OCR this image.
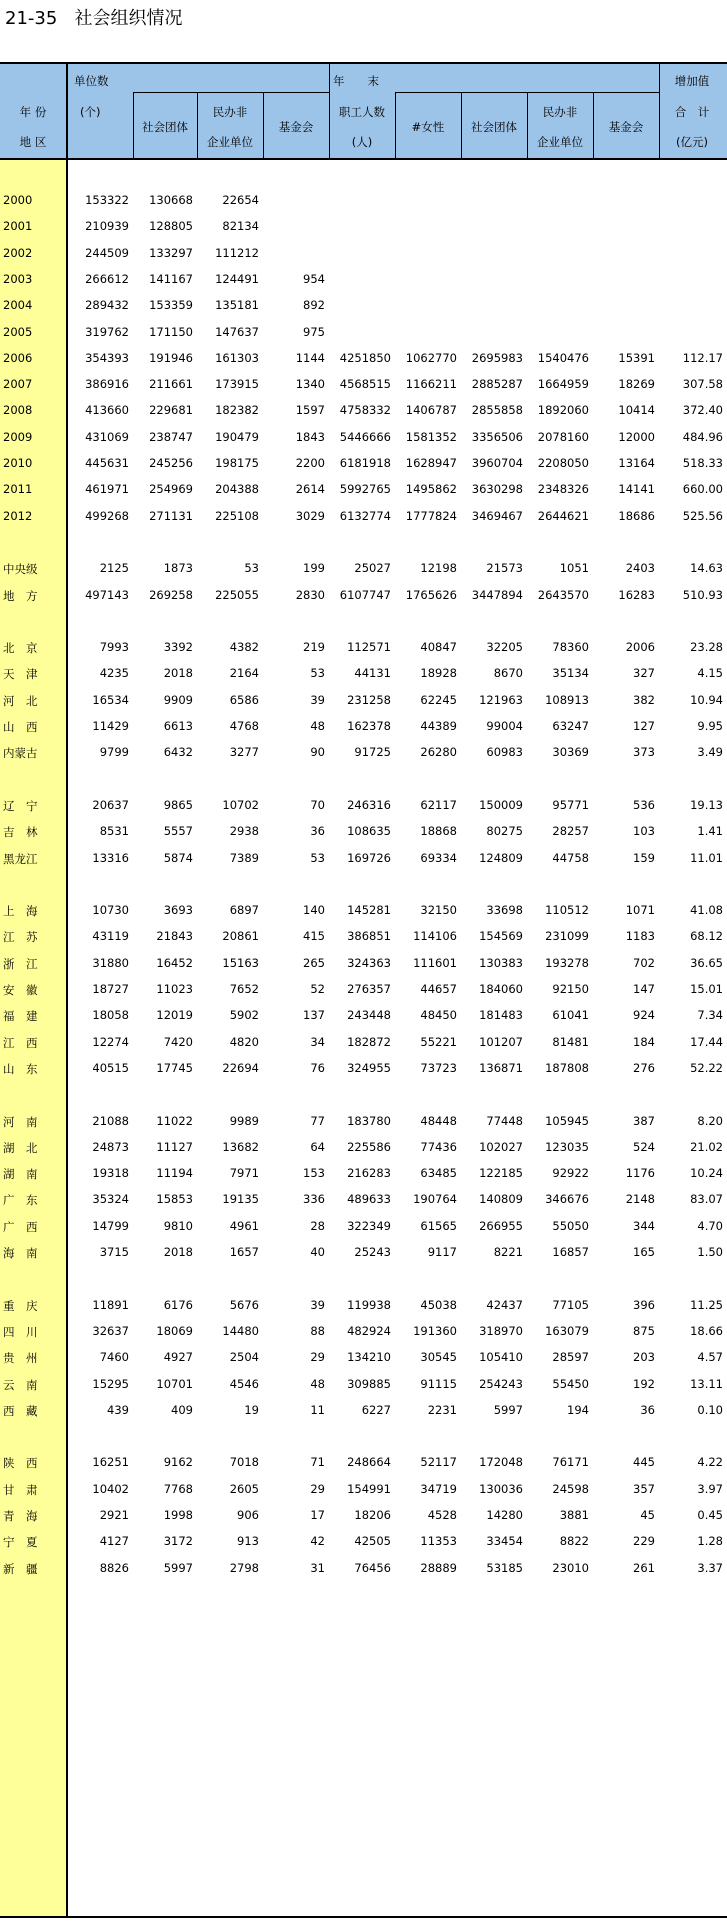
21-35   社会组织情况
年 份
地 区
单位数
(个)
社会团体
民办非
企业单位
基金会
年　　末
职工人数
(人)
#女性	社会团体
民办非
企业单位
基金会
增加值
合　计
(亿元)
2000	153322	130668	22654
2001	210939	128805	82134
2002	244509	133297	111212
2003	266612	141167	124491	954
2004	289432	153359	135181	892
2005	319762	171150	147637	975
2006	354393	191946	161303	1144	4251850	1062770	2695983	1540476	15391	112.17
2007	386916	211661	173915	1340	4568515	1166211	2885287	1664959	18269	307.58
2008	413660	229681	182382	1597	4758332	1406787	2855858	1892060	10414	372.40
2009	431069	238747	190479	1843	5446666	1581352	3356506	2078160	12000	484.96
2010	445631	245256	198175	2200	6181918	1628947	3960704	2208050	13164	518.33
2011	461971	254969	204388	2614	5992765	1495862	3630298	2348326	14141	660.00
2012	499268	271131	225108	3029	6132774	1777824	3469467	2644621	18686	525.56
中央级	2125	1873	53	199	25027	12198	21573	1051	2403	14.63
地　方	497143	269258	225055	2830	6107747	1765626	3447894	2643570	16283	510.93
北　京	7993	3392	4382	219	112571	40847	32205	78360	2006	23.28
天　津	4235	2018	2164	53	44131	18928	8670	35134	327	4.15
河　北	16534	9909	6586	39	231258	62245	121963	108913	382	10.94
山　西	11429	6613	4768	48	162378	44389	99004	63247	127	9.95
内蒙古	9799	6432	3277	90	91725	26280	60983	30369	373	3.49
辽　宁	20637	9865	10702	70	246316	62117	150009	95771	536	19.13
吉　林	8531	5557	2938	36	108635	18868	80275	28257	103	1.41
黑龙江	13316	5874	7389	53	169726	69334	124809	44758	159	11.01
上　海	10730	3693	6897	140	145281	32150	33698	110512	1071	41.08
江　苏	43119	21843	20861	415	386851	114106	154569	231099	1183	68.12
浙　江	31880	16452	15163	265	324363	111601	130383	193278	702	36.65
安　徽	18727	11023	7652	52	276357	44657	184060	92150	147	15.01
福　建	18058	12019	5902	137	243448	48450	181483	61041	924	7.34
江　西	12274	7420	4820	34	182872	55221	101207	81481	184	17.44
山　东	40515	17745	22694	76	324955	73723	136871	187808	276	52.22
河　南	21088	11022	9989	77	183780	48448	77448	105945	387	8.20
湖　北	24873	11127	13682	64	225586	77436	102027	123035	524	21.02
湖　南	19318	11194	7971	153	216283	63485	122185	92922	1176	10.24
广　东	35324	15853	19135	336	489633	190764	140809	346676	2148	83.07
广　西	14799	9810	4961	28	322349	61565	266955	55050	344	4.70
海　南	3715	2018	1657	40	25243	9117	8221	16857	165	1.50
重　庆	11891	6176	5676	39	119938	45038	42437	77105	396	11.25
四　川	32637	18069	14480	88	482924	191360	318970	163079	875	18.66
贵　州	7460	4927	2504	29	134210	30545	105410	28597	203	4.57
云　南	15295	10701	4546	48	309885	91115	254243	55450	192	13.11
西　藏	439	409	19	11	6227	2231	5997	194	36	0.10
陕　西	16251	9162	7018	71	248664	52117	172048	76171	445	4.22
甘　肃	10402	7768	2605	29	154991	34719	130036	24598	357	3.97
青　海	2921	1998	906	17	18206	4528	14280	3881	45	0.45
宁　夏	4127	3172	913	42	42505	11353	33454	8822	229	1.28
新　疆	8826	5997	2798	31	76456	28889	53185	23010	261	3.37
